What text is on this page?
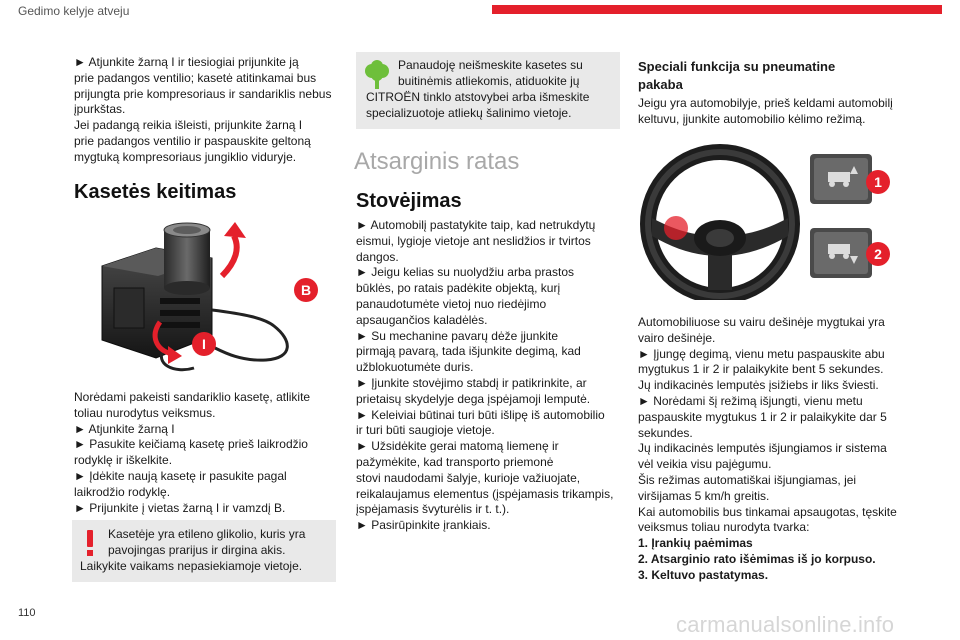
Gedimo kelyje atveju
► Atjunkite žarną I ir tiesiogiai prijunkite ją
prie padangos ventilio; kasetė atitinkamai bus
prijungta prie kompresoriaus ir sandariklis nebus
įpurkštas.
Jei padangą reikia išleisti, prijunkite žarną I
prie padangos ventilio ir paspauskite geltoną
mygtuką kompresoriaus jungiklio viduryje.
Kasetės keitimas
B
I
Norėdami pakeisti sandariklio kasetę, atlikite
toliau nurodytus veiksmus.
► Atjunkite žarną I
► Pasukite keičiamą kasetę prieš laikrodžio
rodyklę ir iškelkite.
► Įdėkite naują kasetę ir pasukite pagal
laikrodžio rodyklę.
► Prijunkite į vietas žarną I ir vamzdį B.
Kasetėje yra etileno glikolio, kuris yra
pavojingas prarijus ir dirgina akis.
Laikykite vaikams nepasiekiamoje vietoje.
Panaudoję neišmeskite kasetes su
buitinėmis atliekomis, atiduokite jų
CITROËN tinklo atstovybei arba išmeskite
specializuotoje atliekų šalinimo vietoje.
Atsarginis ratas
Stovėjimas
► Automobilį pastatykite taip, kad netrukdytų
eismui, lygioje vietoje ant neslidžios ir tvirtos
dangos.
► Jeigu kelias su nuolydžiu arba prastos
būklės, po ratais padėkite objektą, kurį
panaudotumėte vietoj nuo riedėjimo
apsaugančios kaladėlės.
► Su mechanine pavarų dėže įjunkite
pirmąją pavarą, tada išjunkite degimą, kad
užblokuotumėte duris.
► Įjunkite stovėjimo stabdį ir patikrinkite, ar
prietaisų skydelyje dega įspėjamoji lemputė.
► Keleiviai būtinai turi būti išlipę iš automobilio
ir turi būti saugioje vietoje.
► Užsidėkite gerai matomą liemenę ir
pažymėkite, kad transporto priemonė
stovi naudodami šalyje, kurioje važiuojate,
reikalaujamus elementus (įspėjamasis trikampis,
įspėjamasis švyturėlis ir t. t.).
► Pasirūpinkite įrankiais.
Speciali funkcija su pneumatine
pakaba
Jeigu yra automobilyje, prieš keldami automobilį
keltuvu, įjunkite automobilio kėlimo režimą.
1
2
Automobiliuose su vairu dešinėje mygtukai yra
vairo dešinėje.
► Įjungę degimą, vienu metu paspauskite abu
mygtukus 1 ir 2 ir palaikykite bent 5 sekundes.
Jų indikacinės lemputės įsižiebs ir liks šviesti.
► Norėdami šį režimą išjungti, vienu metu
paspauskite mygtukus 1 ir 2 ir palaikykite dar 5
sekundes.
Jų indikacinės lemputės išjungiamos ir sistema
vėl veikia visu pajėgumu.
Šis režimas automatiškai išjungiamas, jei
viršijamas 5 km/h greitis.
Kai automobilis bus tinkamai apsaugotas, tęskite
veiksmus toliau nurodyta tvarka:
1. Įrankių paėmimas
2. Atsarginio rato išėmimas iš jo korpuso.
3. Keltuvo pastatymas.
110	carmanualsonline.info
